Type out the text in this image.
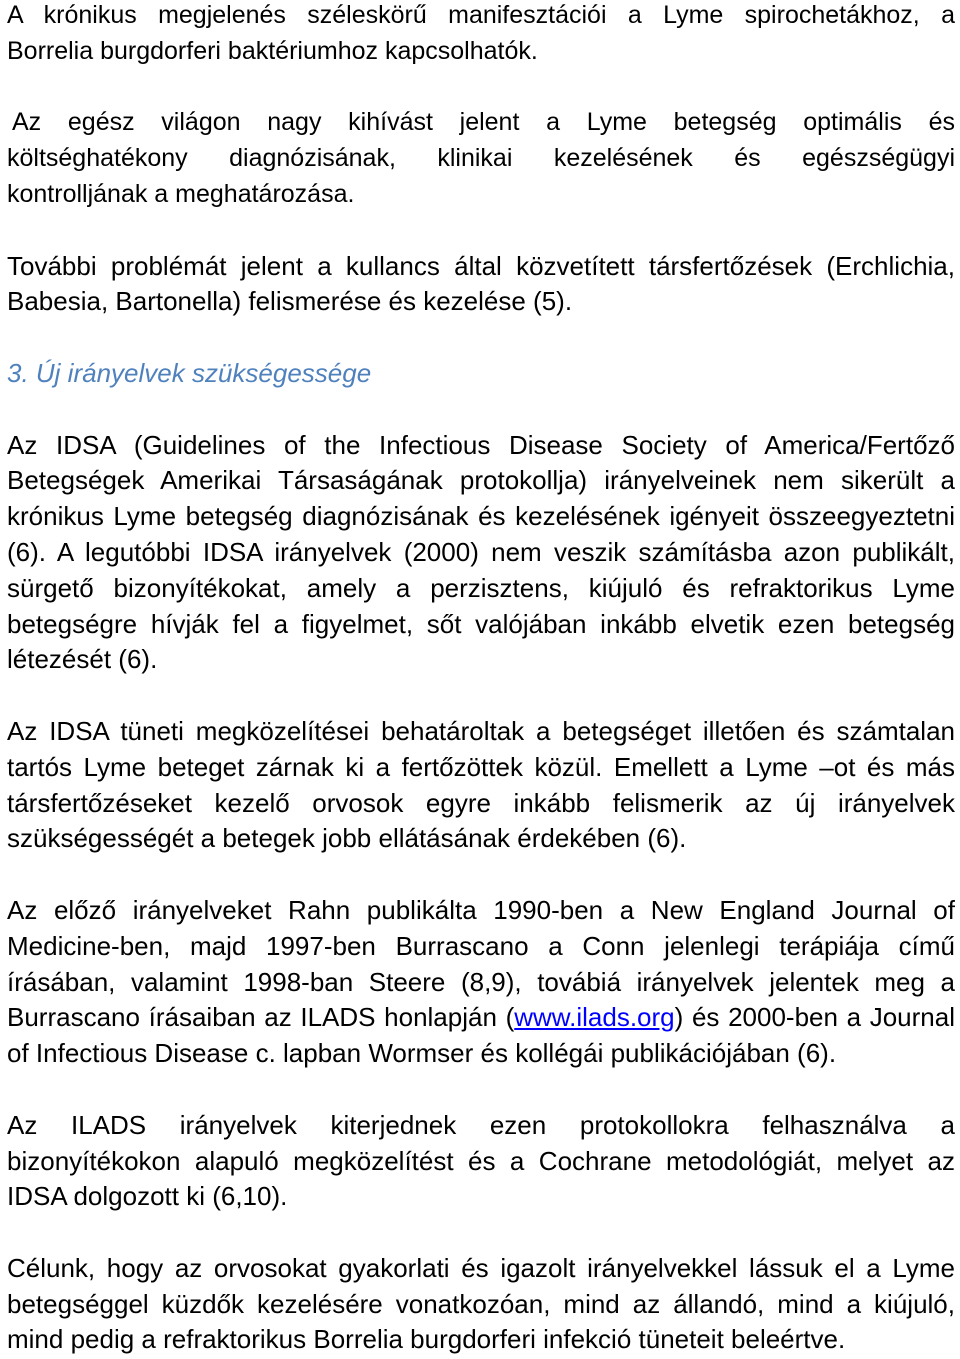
A krónikus megjelenés széleskörű manifesztációi a Lyme spirochetákhoz, a
Borrelia burgdorferi baktériumhoz kapcsolhatók.
Az egész világon nagy kihívást jelent a Lyme betegség optimális és
költséghatékony diagnózisának, klinikai kezelésének és egészségügyi
kontrolljának a meghatározása.
További problémát jelent a kullancs által közvetített társfertőzések (Erchlichia,
Babesia, Bartonella) felismerése és kezelése (5).
3. Új irányelvek szükségessége
Az IDSA (Guidelines of the Infectious Disease Society of America/Fertőző
Betegségek Amerikai Társaságának protokollja) irányelveinek nem sikerült a
krónikus Lyme betegség diagnózisának és kezelésének igényeit összeegyeztetni
(6). A legutóbbi IDSA irányelvek (2000) nem veszik számításba azon publikált,
sürgető bizonyítékokat, amely a perzisztens, kiújuló és refraktorikus Lyme
betegségre hívják fel a figyelmet, sőt valójában inkább elvetik ezen betegség
létezését (6).
Az IDSA tüneti megközelítései behatároltak a betegséget illetően és számtalan
tartós Lyme beteget zárnak ki a fertőzöttek közül. Emellett a Lyme –ot és más
társfertőzéseket kezelő orvosok egyre inkább felismerik az új irányelvek
szükségességét a betegek jobb ellátásának érdekében (6).
Az előző irányelveket Rahn publikálta 1990-ben a New England Journal of
Medicine-ben, majd 1997-ben Burrascano a Conn jelenlegi terápiája című
írásában, valamint 1998-ban Steere (8,9), továbiá irányelvek jelentek meg a
Burrascano írásaiban az ILADS honlapján (www.ilads.org) és 2000-ben a Journal
of Infectious Disease c. lapban Wormser és kollégái publikációjában (6).
Az ILADS irányelvek kiterjednek ezen protokollokra felhasználva a
bizonyítékokon alapuló megközelítést és a Cochrane metodológiát, melyet az
IDSA dolgozott ki (6,10).
Célunk, hogy az orvosokat gyakorlati és igazolt irányelvekkel lássuk el a Lyme
betegséggel küzdők kezelésére vonatkozóan, mind az állandó, mind a kiújuló,
mind pedig a refraktorikus Borrelia burgdorferi infekció tüneteit beleértve.
